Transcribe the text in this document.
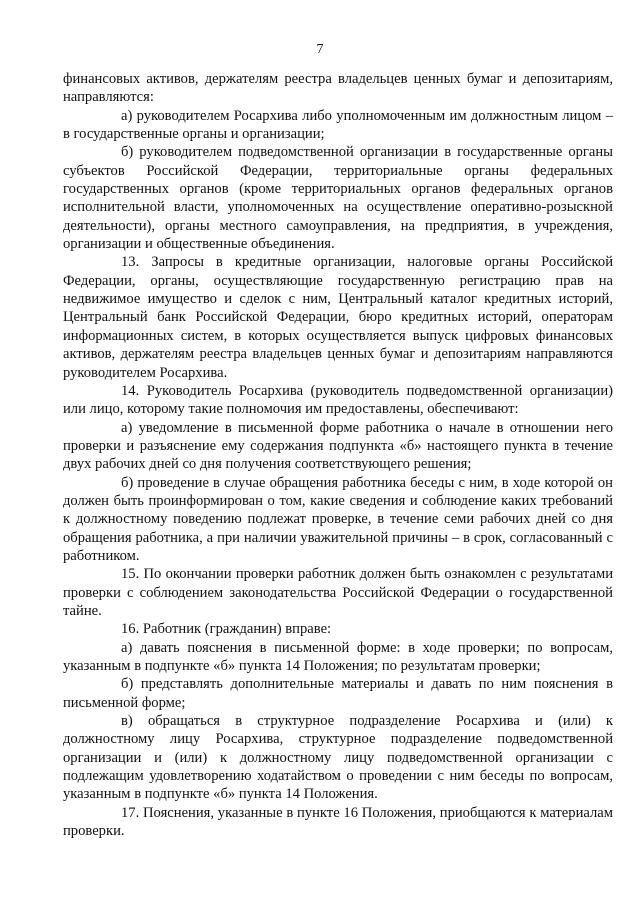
7

финансовых активов, держателям реестра владельцев ценных бумаг и депозитариям, направляются:

а) руководителем Росархива либо уполномоченным им должностным лицом – в государственные органы и организации;

б) руководителем подведомственной организации в государственные органы субъектов Российской Федерации, территориальные органы федеральных государственных органов (кроме территориальных органов федеральных органов исполнительной власти, уполномоченных на осуществление оперативно-розыскной деятельности), органы местного самоуправления, на предприятия, в учреждения, организации и общественные объединения.

13. Запросы в кредитные организации, налоговые органы Российской Федерации, органы, осуществляющие государственную регистрацию прав на недвижимое имущество и сделок с ним, Центральный каталог кредитных историй, Центральный банк Российской Федерации, бюро кредитных историй, операторам информационных систем, в которых осуществляется выпуск цифровых финансовых активов, держателям реестра владельцев ценных бумаг и депозитариям направляются руководителем Росархива.

14. Руководитель Росархива (руководитель подведомственной организации) или лицо, которому такие полномочия им предоставлены, обеспечивают:

а) уведомление в письменной форме работника о начале в отношении него проверки и разъяснение ему содержания подпункта «б» настоящего пункта в течение двух рабочих дней со дня получения соответствующего решения;

б) проведение в случае обращения работника беседы с ним, в ходе которой он должен быть проинформирован о том, какие сведения и соблюдение каких требований к должностному поведению подлежат проверке, в течение семи рабочих дней со дня обращения работника, а при наличии уважительной причины – в срок, согласованный с работником.

15. По окончании проверки работник должен быть ознакомлен с результатами проверки с соблюдением законодательства Российской Федерации о государственной тайне.

16. Работник (гражданин) вправе:

а) давать пояснения в письменной форме: в ходе проверки; по вопросам, указанным в подпункте «б» пункта 14 Положения; по результатам проверки;

б) представлять дополнительные материалы и давать по ним пояснения в письменной форме;

в) обращаться в структурное подразделение Росархива и (или) к должностному лицу Росархива, структурное подразделение подведомственной организации и (или) к должностному лицу подведомственной организации с подлежащим удовлетворению ходатайством о проведении с ним беседы по вопросам, указанным в подпункте «б» пункта 14 Положения.

17. Пояснения, указанные в пункте 16 Положения, приобщаются к материалам проверки.
